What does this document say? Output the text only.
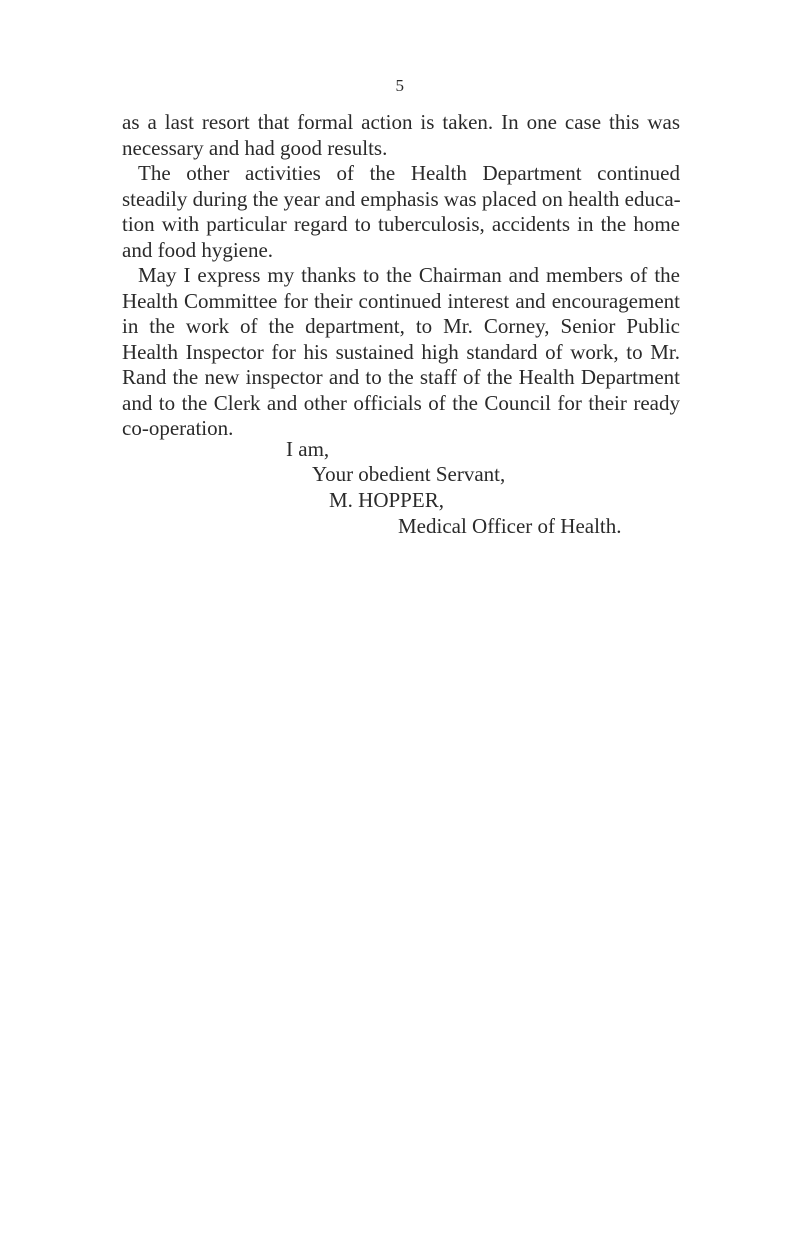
5
as a last resort that formal action is taken. In one case this was
necessary and had good results.
The other activities of the Health Department continued
steadily during the year and emphasis was placed on health educa-
tion with particular regard to tuberculosis, accidents in the home
and food hygiene.
May I express my thanks to the Chairman and members of the
Health Committee for their continued interest and encouragement
in the work of the department, to Mr. Corney, Senior Public
Health Inspector for his sustained high standard of work, to Mr.
Rand the new inspector and to the staff of the Health Department
and to the Clerk and other officials of the Council for their ready
co-operation.
I am,
Your obedient Servant,
M. HOPPER,
Medical Officer of Health.
